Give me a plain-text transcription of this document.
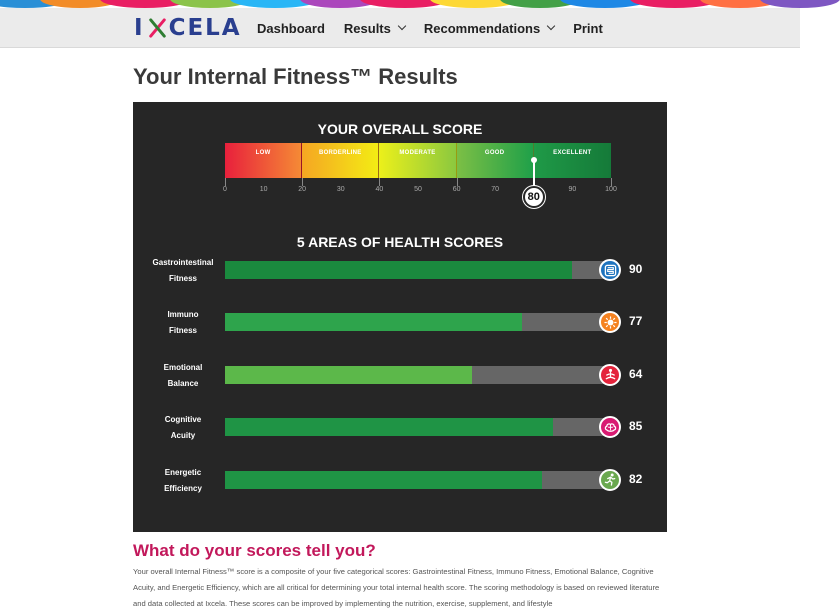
I CELA Dashboard Results	Recommendations	Print
Your Internal Fitness™ Results
YOUR OVERALL SCORE
LOW	BORDERLINE	MODERATE	GOOD	EXCELLENT
0	10	20	30	40	50	60	70	90	100
80
5 AREAS OF HEALTH SCORES
Gastrointestinal
Fitness
90
Immuno
Fitness
77
Emotional
Balance
64
Cognitive
Acuity
85
Energetic
Efficiency
82
What do your scores tell you?

Your overall Internal Fitness™ score is a composite of your five categorical scores: Gastrointestinal Fitness, Immuno Fitness, Emotional Balance, Cognitive Acuity, and Energetic Efficiency, which are all critical for determining your total internal health score. The scoring methodology is based on reviewed literature and data collected at Ixcela. These scores can be improved by implementing the nutrition, exercise, supplement, and lifestyle
